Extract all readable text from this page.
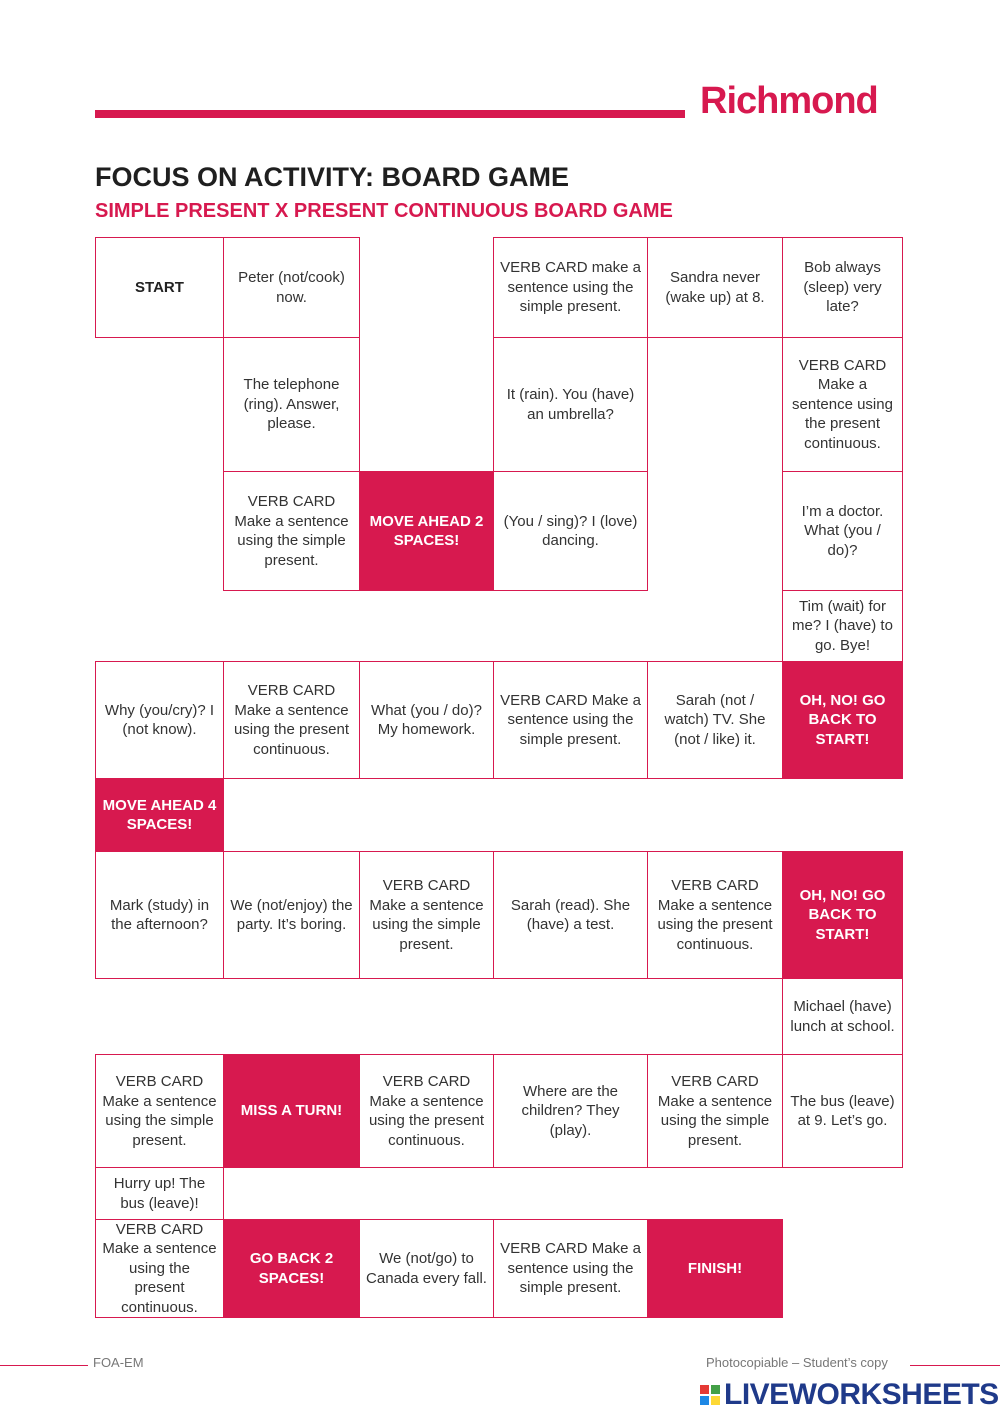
Richmond
FOCUS ON ACTIVITY: BOARD GAME
SIMPLE PRESENT X PRESENT CONTINUOUS BOARD GAME
START
Peter (not/cook) now.
VERB CARD make a sentence using the simple present.
Sandra never (wake up) at 8.
Bob always (sleep) very late?
The telephone (ring). Answer, please.
It (rain). You (have) an umbrella?
VERB CARD Make a sentence using the present continuous.
VERB CARD Make a sentence using the simple present.
MOVE AHEAD 2 SPACES!
(You / sing)? I (love) dancing.
I’m a doctor. What (you / do)?
Tim (wait) for me? I (have) to go. Bye!
Why (you/cry)? I (not know).
VERB CARD Make a sentence using the present continuous.
What (you / do)? My homework.
VERB CARD Make a sentence using the simple present.
Sarah (not / watch) TV. She (not / like) it.
OH, NO! GO BACK TO START!
MOVE AHEAD 4 SPACES!
Mark (study) in the afternoon?
We (not/enjoy) the party. It’s boring.
VERB CARD Make a sentence using the simple present.
Sarah (read). She (have) a test.
VERB CARD Make a sentence using the present continuous.
OH, NO! GO BACK TO START!
Michael (have) lunch at school.
VERB CARD Make a sentence using the simple present.
MISS A TURN!
VERB CARD Make a sentence using the present continuous.
Where are the children? They (play).
VERB CARD Make a sentence using the simple present.
The bus (leave) at 9. Let’s go.
Hurry up! The bus (leave)!
VERB CARD Make a sentence using the present continuous.
GO BACK 2 SPACES!
We (not/go) to Canada every fall.
VERB CARD Make a sentence using the simple present.
FINISH!
FOA-EM	Photocopiable – Student’s copy
LIVEWORKSHEETS
